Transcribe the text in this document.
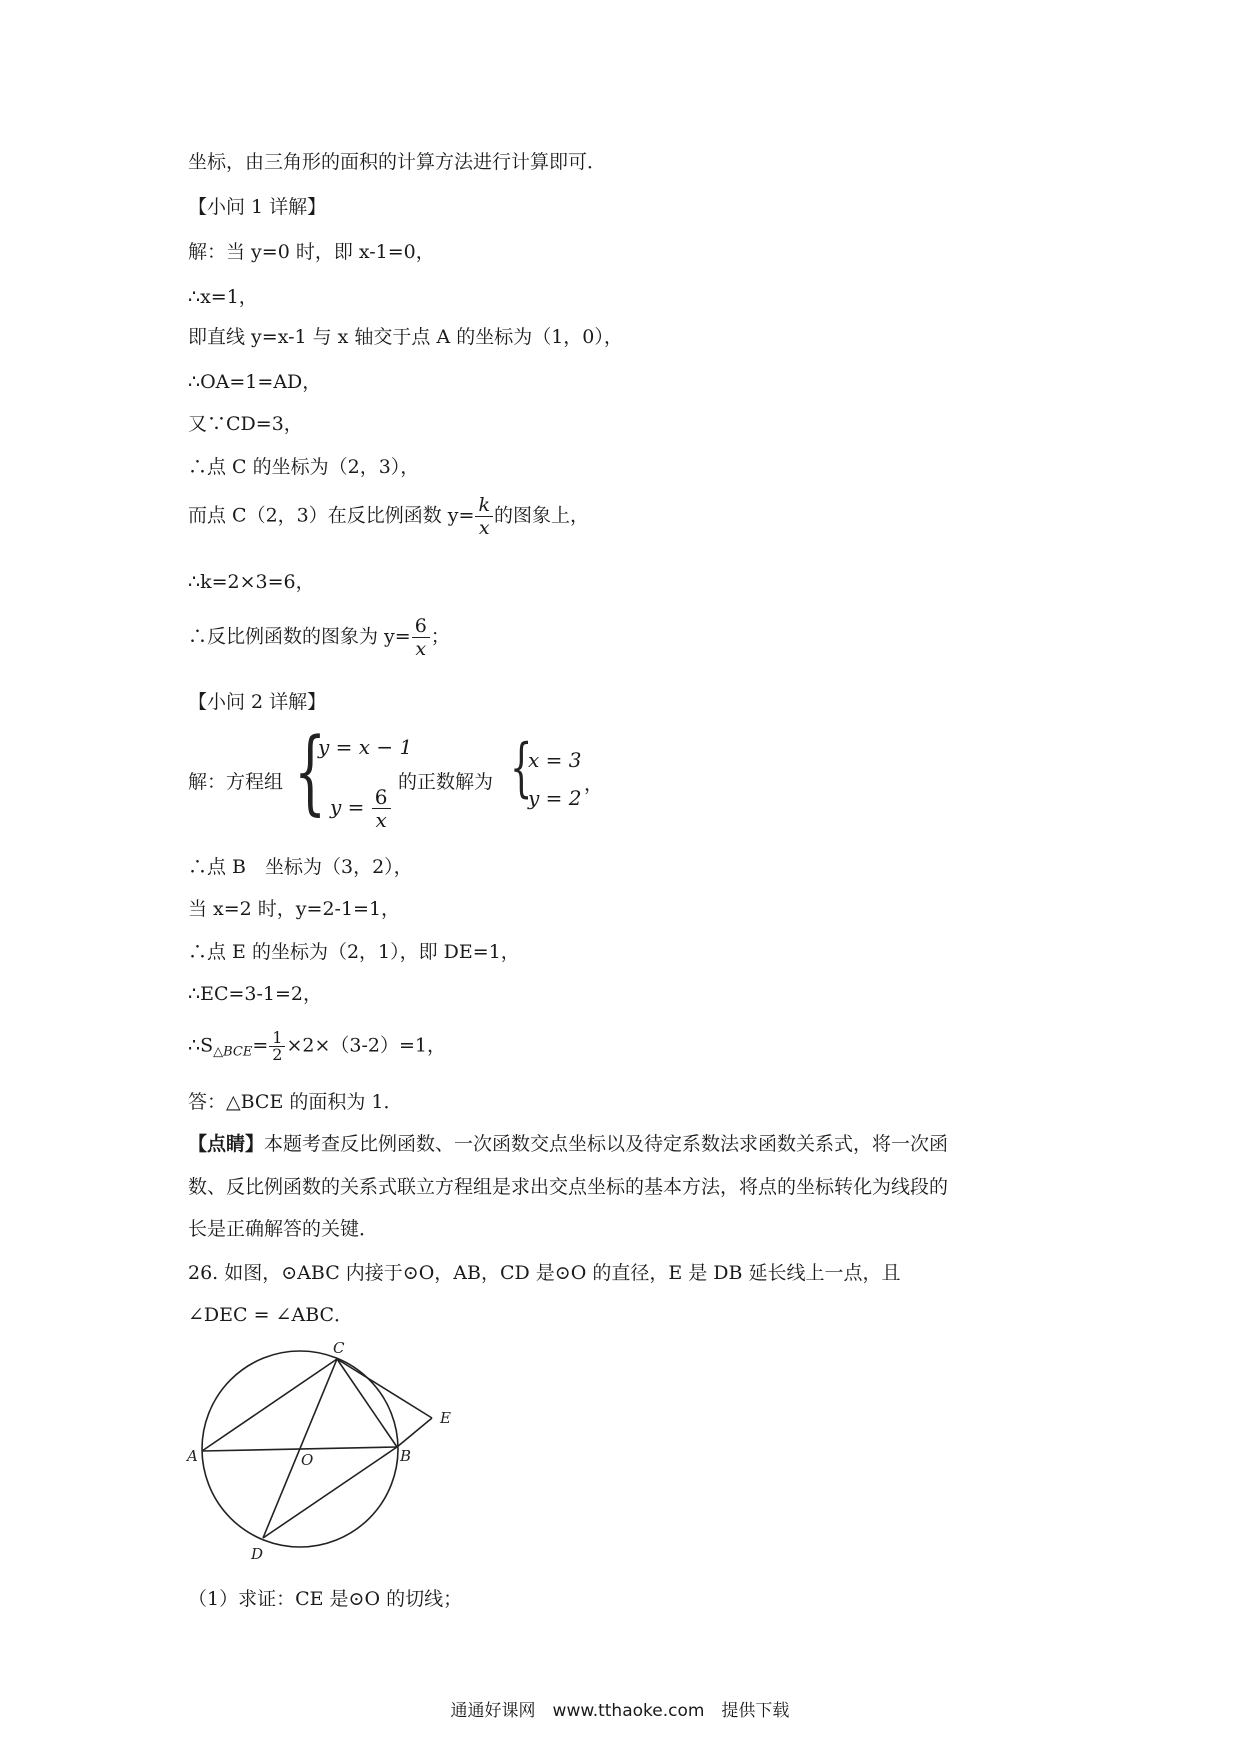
坐标，由三角形的面积的计算方法进行计算即可．
【小问 1 详解】
解：当 y=0 时，即 x-1=0，
∴x=1，
即直线 y=x-1 与 x 轴交于点 A 的坐标为（1，0），
∴OA=1=AD，
又∵CD=3，
∴点 C 的坐标为（2，3），
而点 C（2，3）在反比例函数 $y= \frac{k}{x}$ 的图象上，
∴k=2×3=6，
∴反比例函数的图象为 $y= \frac{6}{x}$ ；
【小问 2 详解】
解：方程组 {
y = x − 1
$y = \frac{6}{x}$
的正数解为 {
x = 3
y = 2
，
∴点 B　坐标为（3，2），
当 x=2 时，y=2-1=1，
∴点 E 的坐标为（2，1），即 DE=1，
∴EC=3-1=2，
$\therefore S_{\triangle BCE}= \frac{1}{2} \times 2\times(3-2)=1$，
答：△BCE 的面积为 1．
【点睛】本题考查反比例函数、一次函数交点坐标以及待定系数法求函数关系式，将一次函
数、反比例函数的关系式联立方程组是求出交点坐标的基本方法，将点的坐标转化为线段的
长是正确解答的关键．
26. 如图，⊙ABC 内接于⊙O，AB，CD 是⊙O 的直径，E 是 DB 延长线上一点，且
∠DEC = ∠ABC．
C
E
A	O	B
D
（1）求证：CE 是⊙O 的切线；
通通好课网　www.tthaoke.com　提供下载
